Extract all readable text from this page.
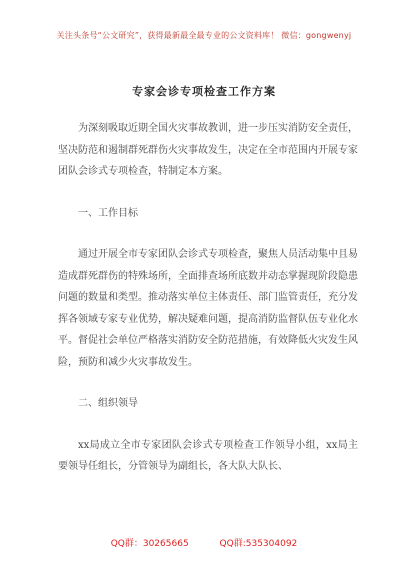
关注头条号“公文研究”，获得最新最全最专业的公文资料库！ 微信：gongwenyj
专家会诊专项检查工作方案

为深刻吸取近期全国火灾事故教训，进一步压实消防安全责任，坚决防范和遏制群死群伤火灾事故发生，决定在全市范围内开展专家团队会诊式专项检查，特制定本方案。

一、工作目标

通过开展全市专家团队会诊式专项检查，聚焦人员活动集中且易造成群死群伤的特殊场所，全面排查场所底数并动态掌握现阶段隐患问题的数量和类型。推动落实单位主体责任、部门监管责任，充分发挥各领域专家专业优势，解决疑难问题，提高消防监督队伍专业化水平。督促社会单位严格落实消防安全防范措施，有效降低火灾发生风险，预防和减少火灾事故发生。

二、组织领导

xx局成立全市专家团队会诊式专项检查工作领导小组，xx局主要领导任组长，分管领导为副组长，各大队大队长、

QQ群：30265665	QQ群:535304092
